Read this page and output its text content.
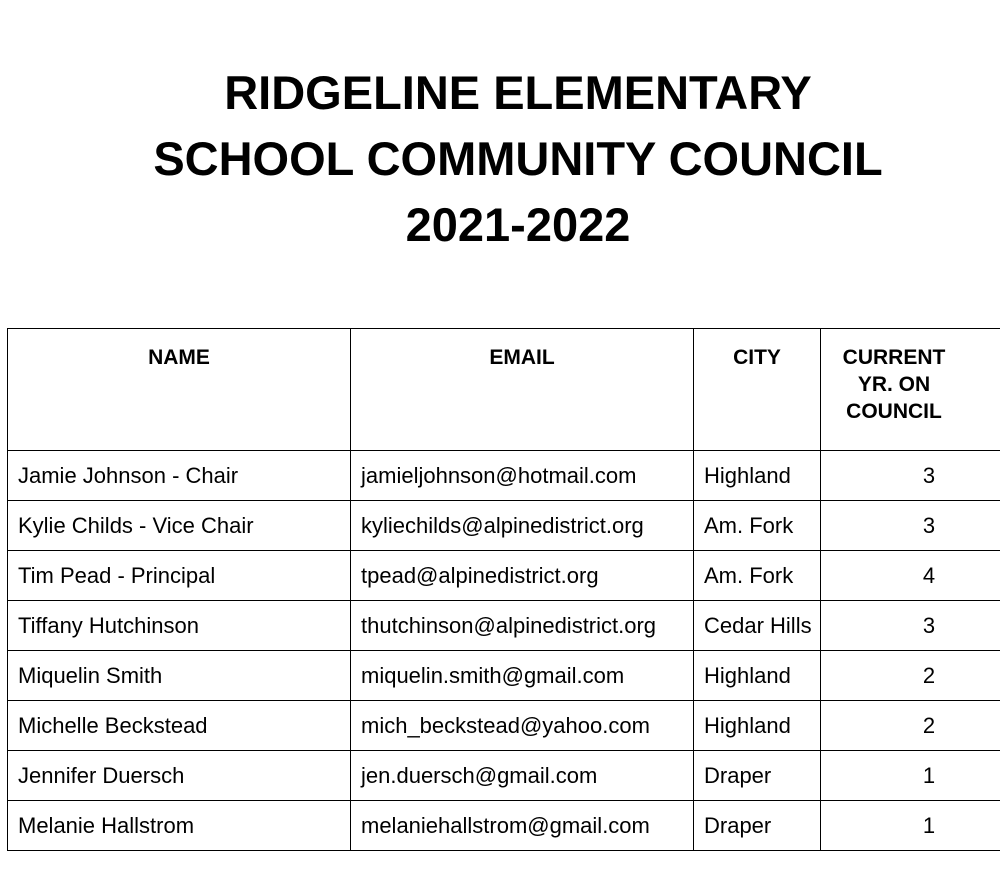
RIDGELINE ELEMENTARY
SCHOOL COMMUNITY COUNCIL
2021-2022
NAME	EMAIL	CITY	CURRENT
YR. ON
COUNCIL

Jamie Johnson - Chair	jamieljohnson@hotmail.com	Highland	3
Kylie Childs - Vice Chair	kyliechilds@alpinedistrict.org	Am. Fork	3
Tim Pead - Principal	tpead@alpinedistrict.org	Am. Fork	4
Tiffany Hutchinson	thutchinson@alpinedistrict.org	Cedar Hills	3
Miquelin Smith	miquelin.smith@gmail.com	Highland	2
Michelle Beckstead	mich_beckstead@yahoo.com	Highland	2
Jennifer Duersch	jen.duersch@gmail.com	Draper	1
Melanie Hallstrom	melaniehallstrom@gmail.com	Draper	1
